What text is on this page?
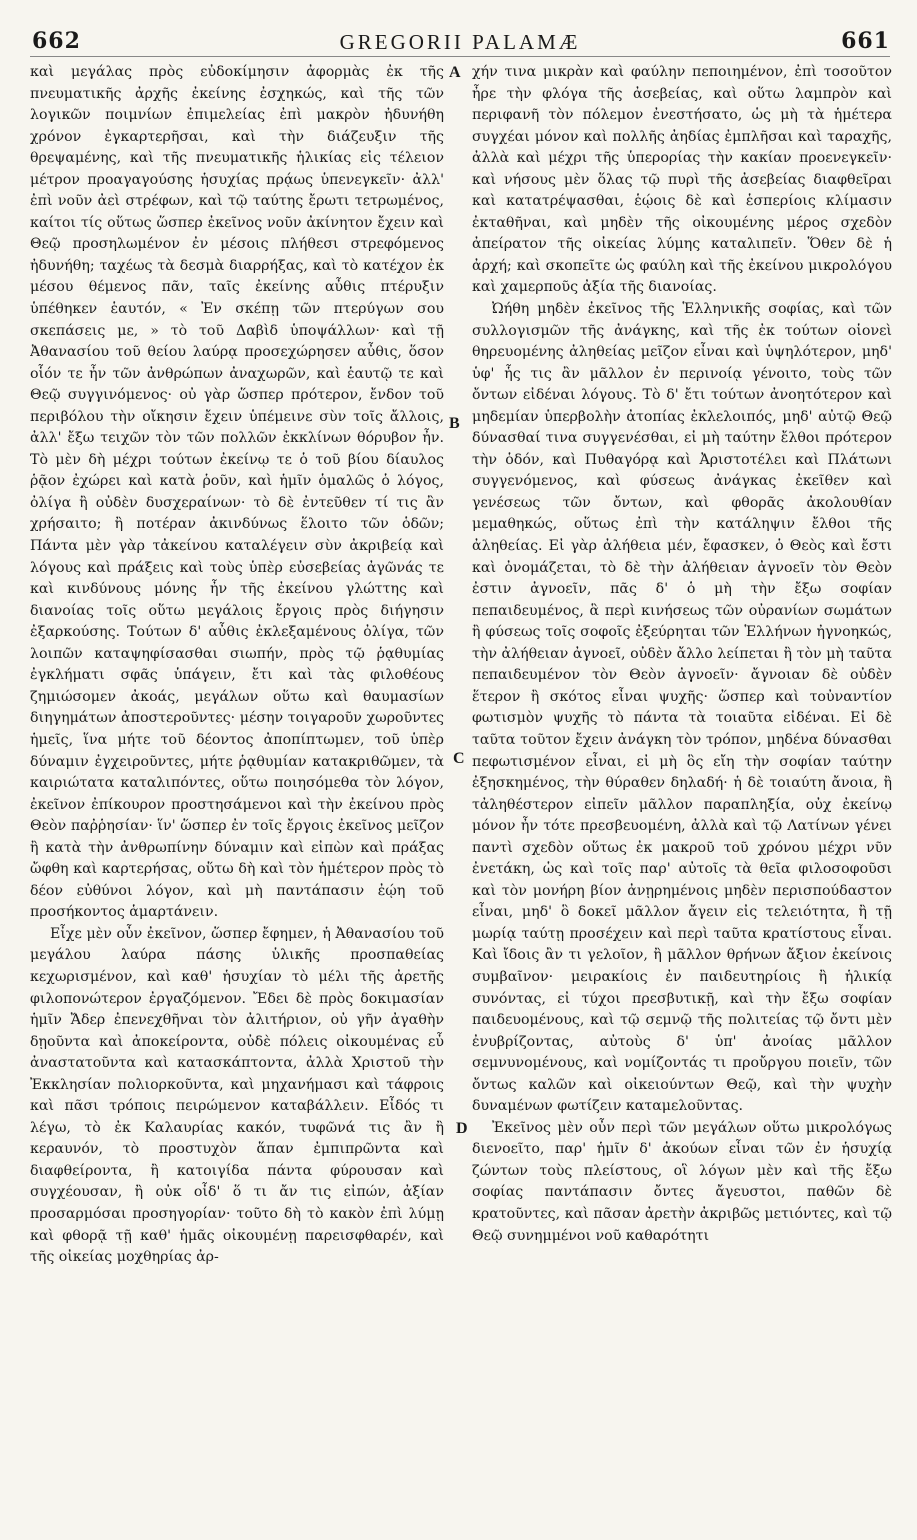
662	GREGORII PALAMÆ	661

καὶ μεγάλας πρὸς εὐδοκίμησιν ἀφορμὰς ἐκ τῆς πνευματικῆς ἀρχῆς ἐκείνης ἐσχηκώς, καὶ τῆς τῶν λογικῶν ποιμνίων ἐπιμελείας ἐπὶ μακρὸν ἠδυνήθη χρόνον ἐγκαρτερῆσαι, καὶ τὴν διάζευξιν τῆς θρεψαμένης, καὶ τῆς πνευματικῆς ἡλικίας εἰς τέλειον μέτρον προαγαγούσης ἡσυχίας πρᾴως ὑπενεγκεῖν· ἀλλ' ἐπὶ νοῦν ἀεὶ στρέφων, καὶ τῷ ταύτης ἔρωτι τετρωμένος, καίτοι τίς οὕτως ὥσπερ ἐκεῖνος νοῦν ἀκίνητον ἔχειν καὶ Θεῷ προσηλωμένον ἐν μέσοις πλήθεσι στρεφόμενος ἠδυνήθη; ταχέως τὰ δεσμὰ διαρρήξας, καὶ τὸ κατέχον ἐκ μέσου θέμενος πᾶν, ταῖς ἐκείνης αὖθις πτέρυξιν ὑπέθηκεν ἑαυτόν, « Ἐν σκέπῃ τῶν πτερύγων σου σκεπάσεις με, » τὸ τοῦ Δαβὶδ ὑποψάλλων· καὶ τῇ Ἀθανασίου τοῦ θείου λαύρᾳ προσεχώρησεν αὖθις, ὅσον οἷόν τε ἦν τῶν ἀνθρώπων ἀναχωρῶν, καὶ ἑαυτῷ τε καὶ Θεῷ συγγινόμενος· οὐ γὰρ ὥσπερ πρότερον, ἔνδον τοῦ περιβόλου τὴν οἴκησιν ἔχειν ὑπέμεινε σὺν τοῖς ἄλλοις, ἀλλ' ἔξω τειχῶν τὸν τῶν πολλῶν ἐκκλίνων θόρυβον ἦν. Τὸ μὲν δὴ μέχρι τούτων ἐκείνῳ τε ὁ τοῦ βίου δίαυλος ῥᾷον ἐχώρει καὶ κατὰ ῥοῦν, καὶ ἡμῖν ὁμαλῶς ὁ λόγος, ὀλίγα ἢ οὐδὲν δυσχεραίνων· τὸ δὲ ἐντεῦθεν τί τις ἂν χρήσαιτο; ἢ ποτέραν ἀκινδύνως ἕλοιτο τῶν ὁδῶν; Πάντα μὲν γὰρ τἀκείνου καταλέγειν σὺν ἀκριβείᾳ καὶ λόγους καὶ πράξεις καὶ τοὺς ὑπὲρ εὐσεβείας ἀγῶνάς τε καὶ κινδύνους μόνης ἦν τῆς ἐκείνου γλώττης καὶ διανοίας τοῖς οὕτω μεγάλοις ἔργοις πρὸς διήγησιν ἐξαρκούσης. Τούτων δ' αὖθις ἐκλεξαμένους ὀλίγα, τῶν λοιπῶν καταψηφίσασθαι σιωπήν, πρὸς τῷ ῥᾳθυμίας ἐγκλήματι σφᾶς ὑπάγειν, ἔτι καὶ τὰς φιλοθέους ζημιώσομεν ἀκοάς, μεγάλων οὕτω καὶ θαυμασίων διηγημάτων ἀποστεροῦντες· μέσην τοιγαροῦν χωροῦντες ἡμεῖς, ἵνα μήτε τοῦ δέοντος ἀποπίπτωμεν, τοῦ ὑπὲρ δύναμιν ἐγχειροῦντες, μήτε ῥᾳθυμίαν κατακριθῶμεν, τὰ καιριώτατα καταλιπόντες, οὕτω ποιησόμεθα τὸν λόγον, ἐκεῖνον ἐπίκουρον προστησάμενοι καὶ τὴν ἐκείνου πρὸς Θεὸν παῤῥησίαν· ἵν' ὥσπερ ἐν τοῖς ἔργοις ἐκεῖνος μεῖζον ἢ κατὰ τὴν ἀνθρωπίνην δύναμιν καὶ εἰπὼν καὶ πράξας ὤφθη καὶ καρτερήσας, οὕτω δὴ καὶ τὸν ἡμέτερον πρὸς τὸ δέον εὐθύνοι λόγον, καὶ μὴ παντάπασιν ἐῴη τοῦ προσήκοντος ἁμαρτάνειν.

Εἶχε μὲν οὖν ἐκεῖνον, ὥσπερ ἔφημεν, ἡ Ἀθανασίου τοῦ μεγάλου λαύρα πάσης ὑλικῆς προσπαθείας κεχωρισμένον, καὶ καθ' ἡσυχίαν τὸ μέλι τῆς ἀρετῆς φιλοπονώτερον ἐργαζόμενον. Ἔδει δὲ πρὸς δοκιμασίαν ἡμῖν Ἄδερ ἐπενεχθῆναι τὸν ἀλιτήριον, οὐ γῆν ἀγαθὴν δῃοῦντα καὶ ἀποκείροντα, οὐδὲ πόλεις οἰκουμένας εὖ ἀναστατοῦντα καὶ κατασκάπτοντα, ἀλλὰ Χριστοῦ τὴν Ἐκκλησίαν πολιορκοῦντα, καὶ μηχανήμασι καὶ τάφροις καὶ πᾶσι τρόποις πειρώμενον καταβάλλειν. Εἶδός τι λέγω, τὸ ἐκ Καλαυρίας κακόν, τυφῶνά τις ἂν ἢ κεραυνόν, τὸ προστυχὸν ἅπαν ἐμπιπρῶντα καὶ διαφθείροντα, ἢ κατοιγίδα πάντα φύρουσαν καὶ συγχέουσαν, ἢ οὐκ οἶδ' ὅ τι ἄν τις εἰπών, ἀξίαν προσαρμόσαι προσηγορίαν· τοῦτο δὴ τὸ κακὸν ἐπὶ λύμῃ καὶ φθορᾷ τῇ καθ' ἡμᾶς οἰκουμένῃ παρεισφθαρέν, καὶ τῆς οἰκείας μοχθηρίας ἀρ-

A
B
C
D

χήν τινα μικρὰν καὶ φαύλην πεποιημένον, ἐπὶ τοσοῦτον ἦρε τὴν φλόγα τῆς ἀσεβείας, καὶ οὕτω λαμπρὸν καὶ περιφανῆ τὸν πόλεμον ἐνεστήσατο, ὡς μὴ τὰ ἡμέτερα συγχέαι μόνον καὶ πολλῆς ἀηδίας ἐμπλῆσαι καὶ ταραχῆς, ἀλλὰ καὶ μέχρι τῆς ὑπερορίας τὴν κακίαν προενεγκεῖν· καὶ νήσους μὲν ὅλας τῷ πυρὶ τῆς ἀσεβείας διαφθεῖραι καὶ κατατρέψασθαι, ἑῴοις δὲ καὶ ἑσπερίοις κλίμασιν ἐκταθῆναι, καὶ μηδὲν τῆς οἰκουμένης μέρος σχεδὸν ἀπείρατον τῆς οἰκείας λύμης καταλιπεῖν. Ὅθεν δὲ ἡ ἀρχή; καὶ σκοπεῖτε ὡς φαύλη καὶ τῆς ἐκείνου μικρολόγου καὶ χαμερποῦς ἀξία τῆς διανοίας.

Ὠήθη μηδὲν ἐκεῖνος τῆς Ἑλληνικῆς σοφίας, καὶ τῶν συλλογισμῶν τῆς ἀνάγκης, καὶ τῆς ἐκ τούτων οἱονεὶ θηρευομένης ἀληθείας μεῖζον εἶναι καὶ ὑψηλότερον, μηδ' ὑφ' ἧς τις ἂν μᾶλλον ἐν περινοίᾳ γένοιτο, τοὺς τῶν ὄντων εἰδέναι λόγους. Τὸ δ' ἔτι τούτων ἀνοητότερον καὶ μηδεμίαν ὑπερβολὴν ἀτοπίας ἐκλελοιπός, μηδ' αὐτῷ Θεῷ δύνασθαί τινα συγγενέσθαι, εἰ μὴ ταύτην ἔλθοι πρότερον τὴν ὁδόν, καὶ Πυθαγόρᾳ καὶ Ἀριστοτέλει καὶ Πλάτωνι συγγενόμενος, καὶ φύσεως ἀνάγκας ἐκεῖθεν καὶ γενέσεως τῶν ὄντων, καὶ φθορᾶς ἀκολουθίαν μεμαθηκώς, οὕτως ἐπὶ τὴν κατάληψιν ἔλθοι τῆς ἀληθείας. Εἰ γὰρ ἀλήθεια μέν, ἔφασκεν, ὁ Θεὸς καὶ ἔστι καὶ ὀνομάζεται, τὸ δὲ τὴν ἀλήθειαν ἀγνοεῖν τὸν Θεὸν ἐστιν ἀγνοεῖν, πᾶς δ' ὁ μὴ τὴν ἔξω σοφίαν πεπαιδευμένος, ἃ περὶ κινήσεως τῶν οὐρανίων σωμάτων ἢ φύσεως τοῖς σοφοῖς ἐξεύρηται τῶν Ἑλλήνων ἠγνοηκώς, τὴν ἀλήθειαν ἀγνοεῖ, οὐδὲν ἄλλο λείπεται ἢ τὸν μὴ ταῦτα πεπαιδευμένον τὸν Θεὸν ἀγνοεῖν· ἄγνοιαν δὲ οὐδὲν ἕτερον ἢ σκότος εἶναι ψυχῆς· ὥσπερ καὶ τοὐναντίον φωτισμὸν ψυχῆς τὸ πάντα τὰ τοιαῦτα εἰδέναι. Εἰ δὲ ταῦτα τοῦτον ἔχειν ἀνάγκη τὸν τρόπον, μηδένα δύνασθαι πεφωτισμένον εἶναι, εἰ μὴ ὃς εἴη τὴν σοφίαν ταύτην ἐξησκημένος, τὴν θύραθεν δηλαδή· ἡ δὲ τοιαύτη ἄνοια, ἢ τἀληθέστερον εἰπεῖν μᾶλλον παραπληξία, οὐχ ἐκείνῳ μόνον ἦν τότε πρεσβευομένη, ἀλλὰ καὶ τῷ Λατίνων γένει παντὶ σχεδὸν οὕτως ἐκ μακροῦ τοῦ χρόνου μέχρι νῦν ἐνετάκη, ὡς καὶ τοῖς παρ' αὐτοῖς τὰ θεῖα φιλοσοφοῦσι καὶ τὸν μονήρη βίον ἀνῃρημένοις μηδὲν περισπούδαστον εἶναι, μηδ' ὃ δοκεῖ μᾶλλον ἄγειν εἰς τελειότητα, ἢ τῇ μωρίᾳ ταύτῃ προσέχειν καὶ περὶ ταῦτα κρατίστους εἶναι. Καὶ ἴδοις ἂν τι γελοῖον, ἢ μᾶλλον θρήνων ἄξιον ἐκείνοις συμβαῖνον· μειρακίοις ἐν παιδευτηρίοις ἢ ἡλικίᾳ συνόντας, εἰ τύχοι πρεσβυτικῇ, καὶ τὴν ἔξω σοφίαν παιδευομένους, καὶ τῷ σεμνῷ τῆς πολιτείας τῷ ὄντι μὲν ἐνυβρίζοντας, αὐτοὺς δ' ὑπ' ἀνοίας μᾶλλον σεμνυνομένους, καὶ νομίζοντάς τι προὔργου ποιεῖν, τῶν ὄντως καλῶν καὶ οἰκειούντων Θεῷ, καὶ τὴν ψυχὴν δυναμένων φωτίζειν καταμελοῦντας.

Ἐκεῖνος μὲν οὖν περὶ τῶν μεγάλων οὕτω μικρολόγως διενοεῖτο, παρ' ἡμῖν δ' ἀκούων εἶναι τῶν ἐν ἡσυχίᾳ ζώντων τοὺς πλείστους, οἳ λόγων μὲν καὶ τῆς ἔξω σοφίας παντάπασιν ὄντες ἄγευστοι, παθῶν δὲ κρατοῦντες, καὶ πᾶσαν ἀρετὴν ἀκριβῶς μετιόντες, καὶ τῷ Θεῷ συνημμένοι νοῦ καθαρότητι
